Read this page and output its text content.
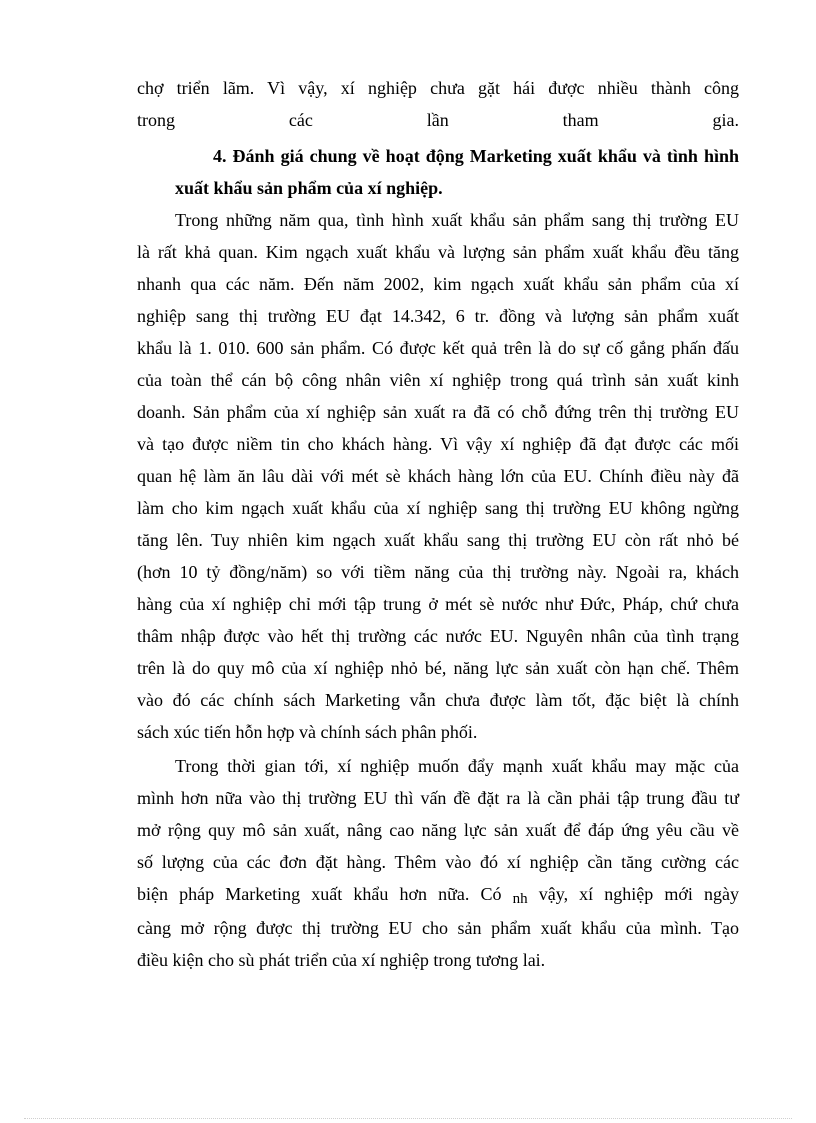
chợ triển lãm. Vì vậy, xí nghiệp chưa gặt hái được nhiều thành công
trong các lần tham gia.
4. Đánh giá chung về hoạt động Marketing xuất khẩu và tình hình
xuất khẩu sản phẩm của xí nghiệp.
Trong những năm qua, tình hình xuất khẩu sản phẩm sang thị trường EU
là rất khả quan. Kim ngạch xuất khẩu và lượng sản phẩm xuất khẩu đều tăng
nhanh qua các năm. Đến năm 2002, kim ngạch xuất khẩu sản phẩm của xí
nghiệp sang thị trường EU đạt 14.342, 6 tr. đồng và lượng sản phẩm xuất
khẩu là 1. 010. 600 sản phẩm. Có được kết quả trên là do sự cố gắng phấn đấu
của toàn thể cán bộ công nhân viên xí nghiệp trong quá trình sản xuất kinh
doanh. Sản phẩm của xí nghiệp sản xuất ra đã có chỗ đứng trên thị trường EU
và tạo được niềm tin cho khách hàng. Vì vậy xí nghiệp đã đạt được các mối
quan hệ làm ăn lâu dài với mét sè khách hàng lớn của EU. Chính điều này đã
làm cho kim ngạch xuất khẩu của xí nghiệp sang thị trường EU không ngừng
tăng lên. Tuy nhiên kim ngạch xuất khẩu sang thị trường EU còn rất nhỏ bé
(hơn 10 tỷ đồng/năm) so với tiềm năng của thị trường này. Ngoài ra, khách
hàng của xí nghiệp chỉ mới tập trung ở mét sè nước như Đức, Pháp, chứ chưa
thâm nhập được vào hết thị trường các nước EU. Nguyên nhân của tình trạng
trên là do quy mô của xí nghiệp nhỏ bé, năng lực sản xuất còn hạn chế. Thêm
vào đó các chính sách Marketing vẫn chưa được làm tốt, đặc biệt là chính
sách xúc tiến hỗn hợp và chính sách phân phối.
Trong thời gian tới, xí nghiệp muốn đẩy mạnh xuất khẩu may mặc của
mình hơn nữa vào thị trường EU thì vấn đề đặt ra là cần phải tập trung đầu tư
mở rộng quy mô sản xuất, nâng cao năng lực sản xuất để đáp ứng yêu cầu về
số lượng của các đơn đặt hàng. Thêm vào đó xí nghiệp cần tăng cường các
biện pháp Marketing xuất khẩu hơn nữa. Có nh vậy, xí nghiệp mới ngày
càng mở rộng được thị trường EU cho sản phẩm xuất khẩu của mình. Tạo
điều kiện cho sù phát triển của xí nghiệp trong tương lai.
